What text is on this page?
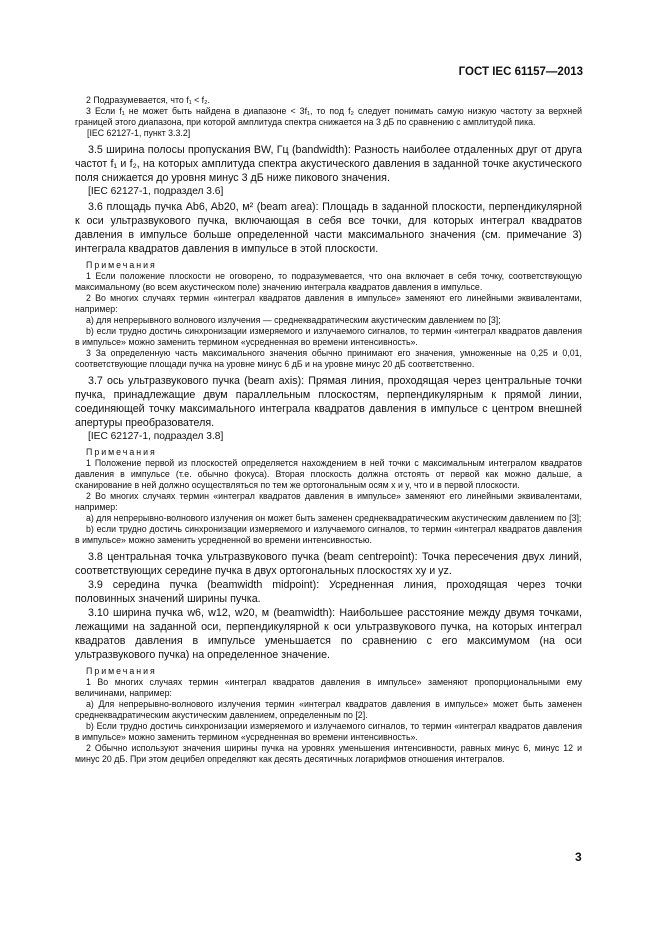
ГОСТ IEC 61157—2013

2 Подразумевается, что f₁ < f₂.

3 Если f₁ не может быть найдена в диапазоне < 3f₁, то под f₂ следует понимать самую низкую частоту за верхней границей этого диапазона, при которой амплитуда спектра снижается на 3 дБ по сравнению с амплитудой пика.

[IEC 62127-1, пункт 3.3.2]

3.5 ширина полосы пропускания BW, Гц (bandwidth): Разность наиболее отдаленных друг от друга частот f₁ и f₂, на которых амплитуда спектра акустического давления в заданной точке акустического поля снижается до уровня минус 3 дБ ниже пикового значения.

[IEC 62127-1, подраздел 3.6]

3.6 площадь пучка Ab6, Ab20, м² (beam area): Площадь в заданной плоскости, перпендикулярной к оси ультразвукового пучка, включающая в себя все точки, для которых интеграл квадратов давления в импульсе больше определенной части максимального значения (см. примечание 3) интеграла квадратов давления в импульсе в этой плоскости.

Примечания

1 Если положение плоскости не оговорено, то подразумевается, что она включает в себя точку, соответствующую максимальному (во всем акустическом поле) значению интеграла квадратов давления в импульсе.

2 Во многих случаях термин «интеграл квадратов давления в импульсе» заменяют его линейными эквивалентами, например:

a) для непрерывного волнового излучения — среднеквадратическим акустическим давлением по [3];

b) если трудно достичь синхронизации измеряемого и излучаемого сигналов, то термин «интеграл квадратов давления в импульсе» можно заменить термином «усредненная во времени интенсивность».

3 За определенную часть максимального значения обычно принимают его значения, умноженные на 0,25 и 0,01, соответствующие площади пучка на уровне минус 6 дБ и на уровне минус 20 дБ соответственно.

3.7 ось ультразвукового пучка (beam axis): Прямая линия, проходящая через центральные точки пучка, принадлежащие двум параллельным плоскостям, перпендикулярным к прямой линии, соединяющей точку максимального интеграла квадратов давления в импульсе с центром внешней апертуры преобразователя.

[IEC 62127-1, подраздел 3.8]

Примечания

1 Положение первой из плоскостей определяется нахождением в ней точки с максимальным интегралом квадратов давления в импульсе (т.е. обычно фокуса). Вторая плоскость должна отстоять от первой как можно дальше, а сканирование в ней должно осуществляться по тем же ортогональным осям x и y, что и в первой плоскости.

2 Во многих случаях термин «интеграл квадратов давления в импульсе» заменяют его линейными эквивалентами, например:

a) для непрерывно-волнового излучения он может быть заменен среднеквадратическим акустическим давлением по [3];

b) если трудно достичь синхронизации измеряемого и излучаемого сигналов, то термин «интеграл квадратов давления в импульсе» можно заменить усредненной во времени интенсивностью.

3.8 центральная точка ультразвукового пучка (beam centrepoint): Точка пересечения двух линий, соответствующих середине пучка в двух ортогональных плоскостях xy и yz.

3.9 середина пучка (beamwidth midpoint): Усредненная линия, проходящая через точки половинных значений ширины пучка.

3.10 ширина пучка w6, w12, w20, м (beamwidth): Наибольшее расстояние между двумя точками, лежащими на заданной оси, перпендикулярной к оси ультразвукового пучка, на которых интеграл квадратов давления в импульсе уменьшается по сравнению с его максимумом (на оси ультразвукового пучка) на определенное значение.

Примечания

1 Во многих случаях термин «интеграл квадратов давления в импульсе» заменяют пропорциональными ему величинами, например:

a) Для непрерывно-волнового излучения термин «интеграл квадратов давления в импульсе» может быть заменен среднеквадратическим акустическим давлением, определенным по [2].

b) Если трудно достичь синхронизации измеряемого и излучаемого сигналов, то термин «интеграл квадратов давления в импульсе» можно заменить термином «усредненная во времени интенсивность».

2 Обычно используют значения ширины пучка на уровнях уменьшения интенсивности, равных минус 6, минус 12 и минус 20 дБ. При этом децибел определяют как десять десятичных логарифмов отношения интегралов.

3
